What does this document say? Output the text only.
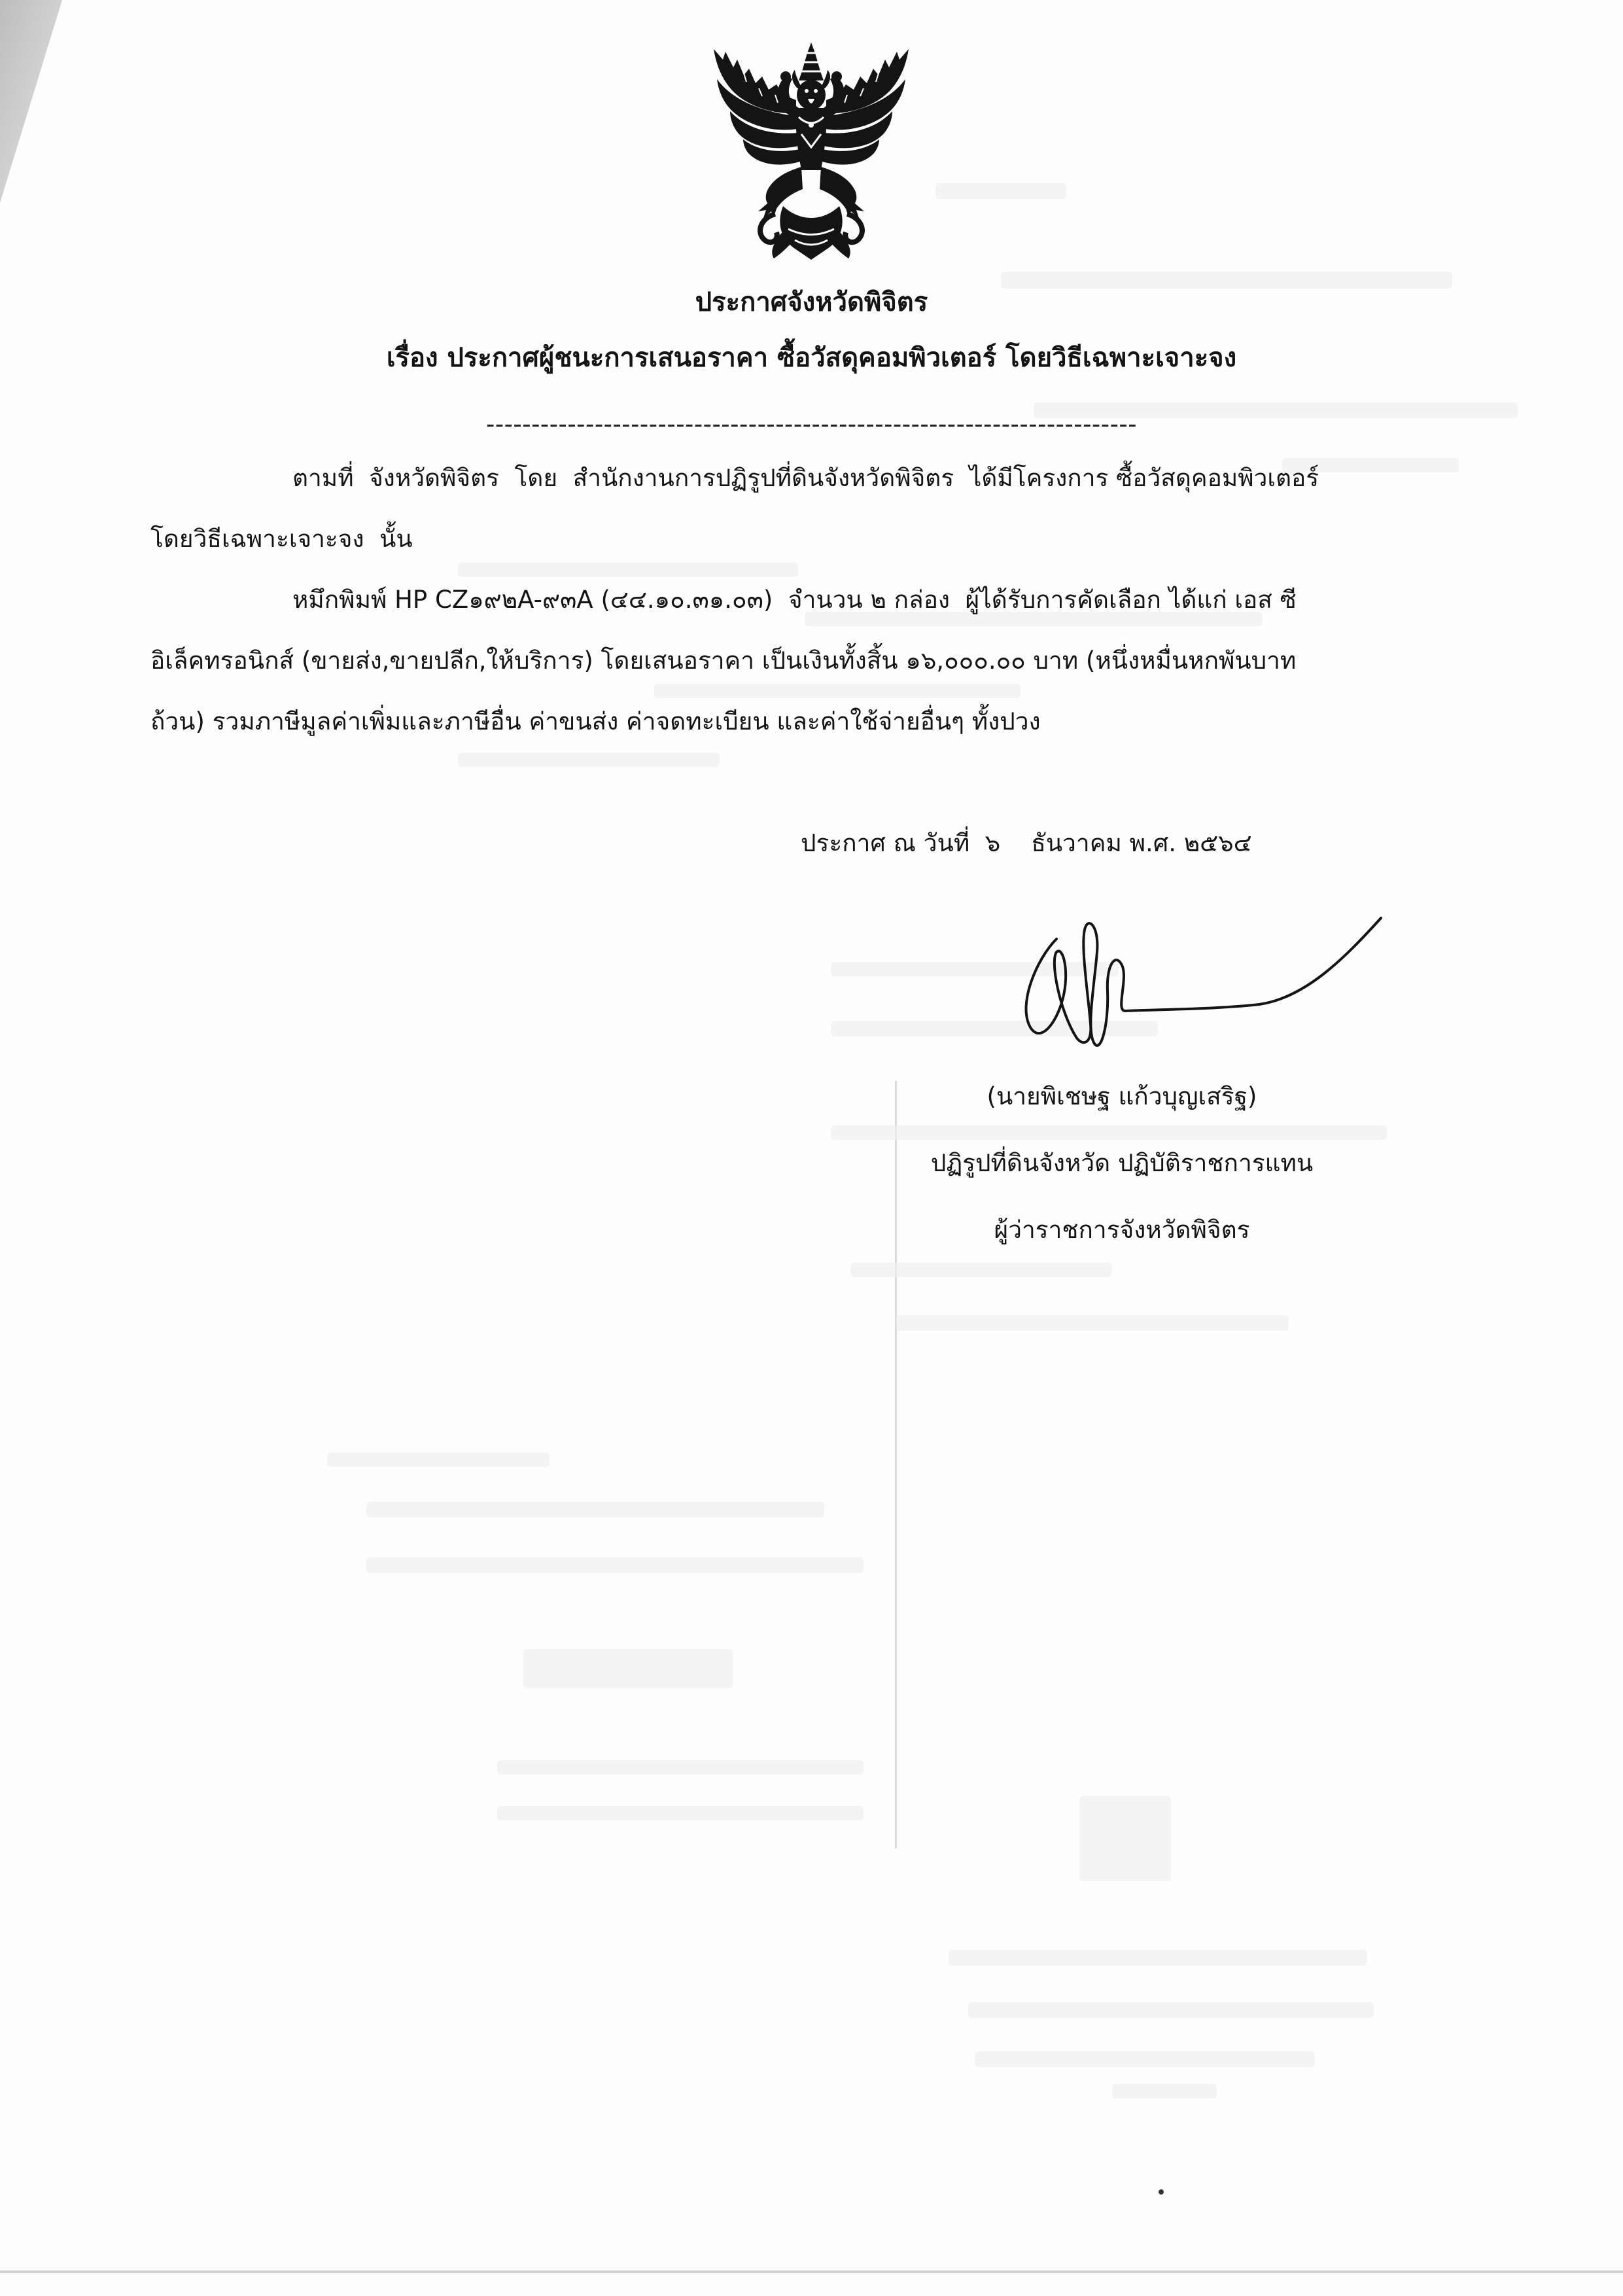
ประกาศจังหวัดพิจิตร
เรื่อง ประกาศผู้ชนะการเสนอราคา ซื้อวัสดุคอมพิวเตอร์ โดยวิธีเฉพาะเจาะจง
------------------------------------------------------------------------
ตามที่  จังหวัดพิจิตร  โดย  สำนักงานการปฏิรูปที่ดินจังหวัดพิจิตร  ได้มีโครงการ ซื้อวัสดุคอมพิวเตอร์
โดยวิธีเฉพาะเจาะจง  นั้น
หมึกพิมพ์ HP CZ๑๙๒A-๙๓A (๔๔.๑๐.๓๑.๐๓)  จำนวน ๒ กล่อง  ผู้ได้รับการคัดเลือก ได้แก่ เอส ซี
อิเล็คทรอนิกส์ (ขายส่ง,ขายปลีก,ให้บริการ) โดยเสนอราคา เป็นเงินทั้งสิ้น ๑๖,๐๐๐.๐๐ บาท (หนึ่งหมื่นหกพันบาท
ถ้วน) รวมภาษีมูลค่าเพิ่มและภาษีอื่น ค่าขนส่ง ค่าจดทะเบียน และค่าใช้จ่ายอื่นๆ ทั้งปวง
ประกาศ ณ วันที่  ๖    ธันวาคม พ.ศ. ๒๕๖๔
(นายพิเชษฐ แก้วบุญเสริฐ)
ปฏิรูปที่ดินจังหวัด ปฏิบัติราชการแทน
ผู้ว่าราชการจังหวัดพิจิตร
